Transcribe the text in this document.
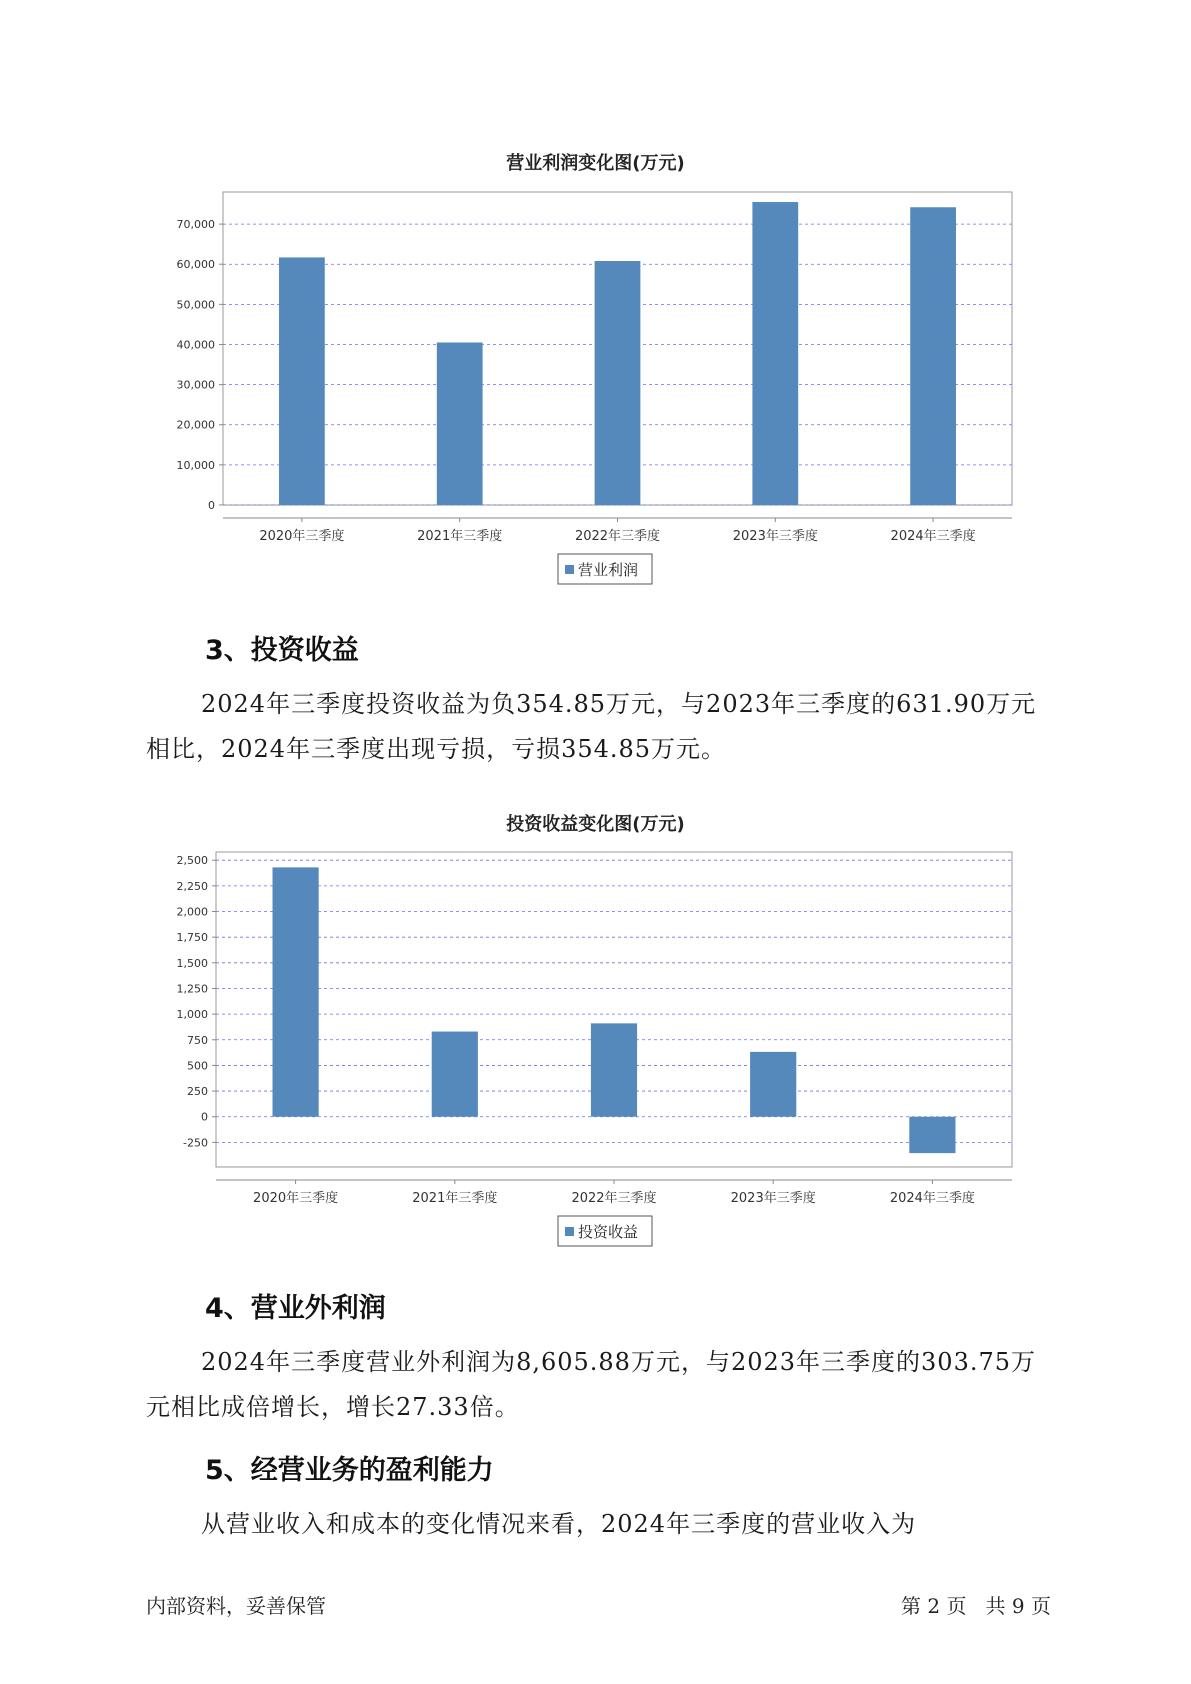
营业利润变化图(万元)
0
10,000
20,000
30,000
40,000
50,000
60,000
70,000
2020年三季度	2021年三季度	2022年三季度	2023年三季度	2024年三季度
营业利润
3、投资收益

2024年三季度投资收益为负354.85万元，与2023年三季度的631.90万元相比，2024年三季度出现亏损，亏损354.85万元。

投资收益变化图(万元)
-250
0
250
500
750
1,000
1,250
1,500
1,750
2,000
2,250
2,500
2020年三季度	2021年三季度	2022年三季度	2023年三季度	2024年三季度
投资收益
4、营业外利润

2024年三季度营业外利润为8,605.88万元，与2023年三季度的303.75万元相比成倍增长，增长27.33倍。

5、经营业务的盈利能力

从营业收入和成本的变化情况来看，2024年三季度的营业收入为

内部资料，妥善保管	第 2 页   共 9 页
